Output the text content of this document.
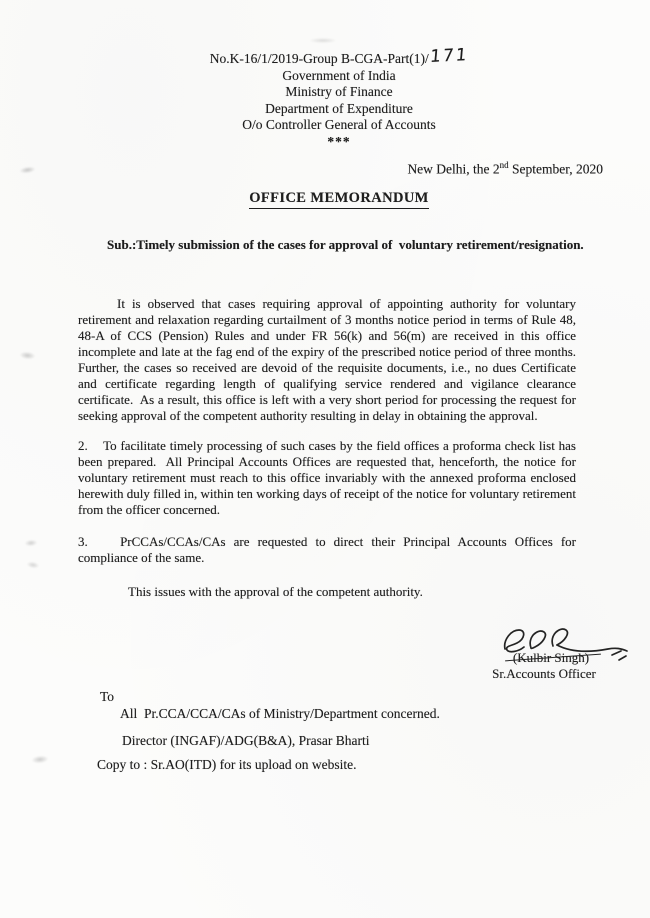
No.K-16/1/2019-Group B-CGA-Part(1)/171
Government of India
Ministry of Finance
Department of Expenditure
O/o Controller General of Accounts
***
New Delhi, the 2nd September, 2020
OFFICE MEMORANDUM
Sub.:Timely submission of the cases for approval of  voluntary retirement/resignation.

It is observed that cases requiring approval of appointing authority for voluntary retirement and relaxation regarding curtailment of 3 months notice period in terms of Rule 48, 48-A of CCS (Pension) Rules and under FR 56(k) and 56(m) are received in this office incomplete and late at the fag end of the expiry of the prescribed notice period of three months. Further, the cases so received are devoid of the requisite documents, i.e., no dues Certificate and certificate regarding length of qualifying service rendered and vigilance clearance certificate.  As a result, this office is left with a very short period for processing the request for seeking approval of the competent authority resulting in delay in obtaining the approval.

2.    To facilitate timely processing of such cases by the field offices a proforma check list has been prepared.  All Principal Accounts Offices are requested that, henceforth, the notice for voluntary retirement must reach to this office invariably with the annexed proforma enclosed herewith duly filled in, within ten working days of receipt of the notice for voluntary retirement from the officer concerned.

3.    PrCCAs/CCAs/CAs are requested to direct their Principal Accounts Offices for compliance of the same.

This issues with the approval of the competent authority.

(Kulbir Singh)
Sr.Accounts Officer
To
All  Pr.CCA/CCA/CAs of Ministry/Department concerned.
Director (INGAF)/ADG(B&A), Prasar Bharti
Copy to : Sr.AO(ITD) for its upload on website.
